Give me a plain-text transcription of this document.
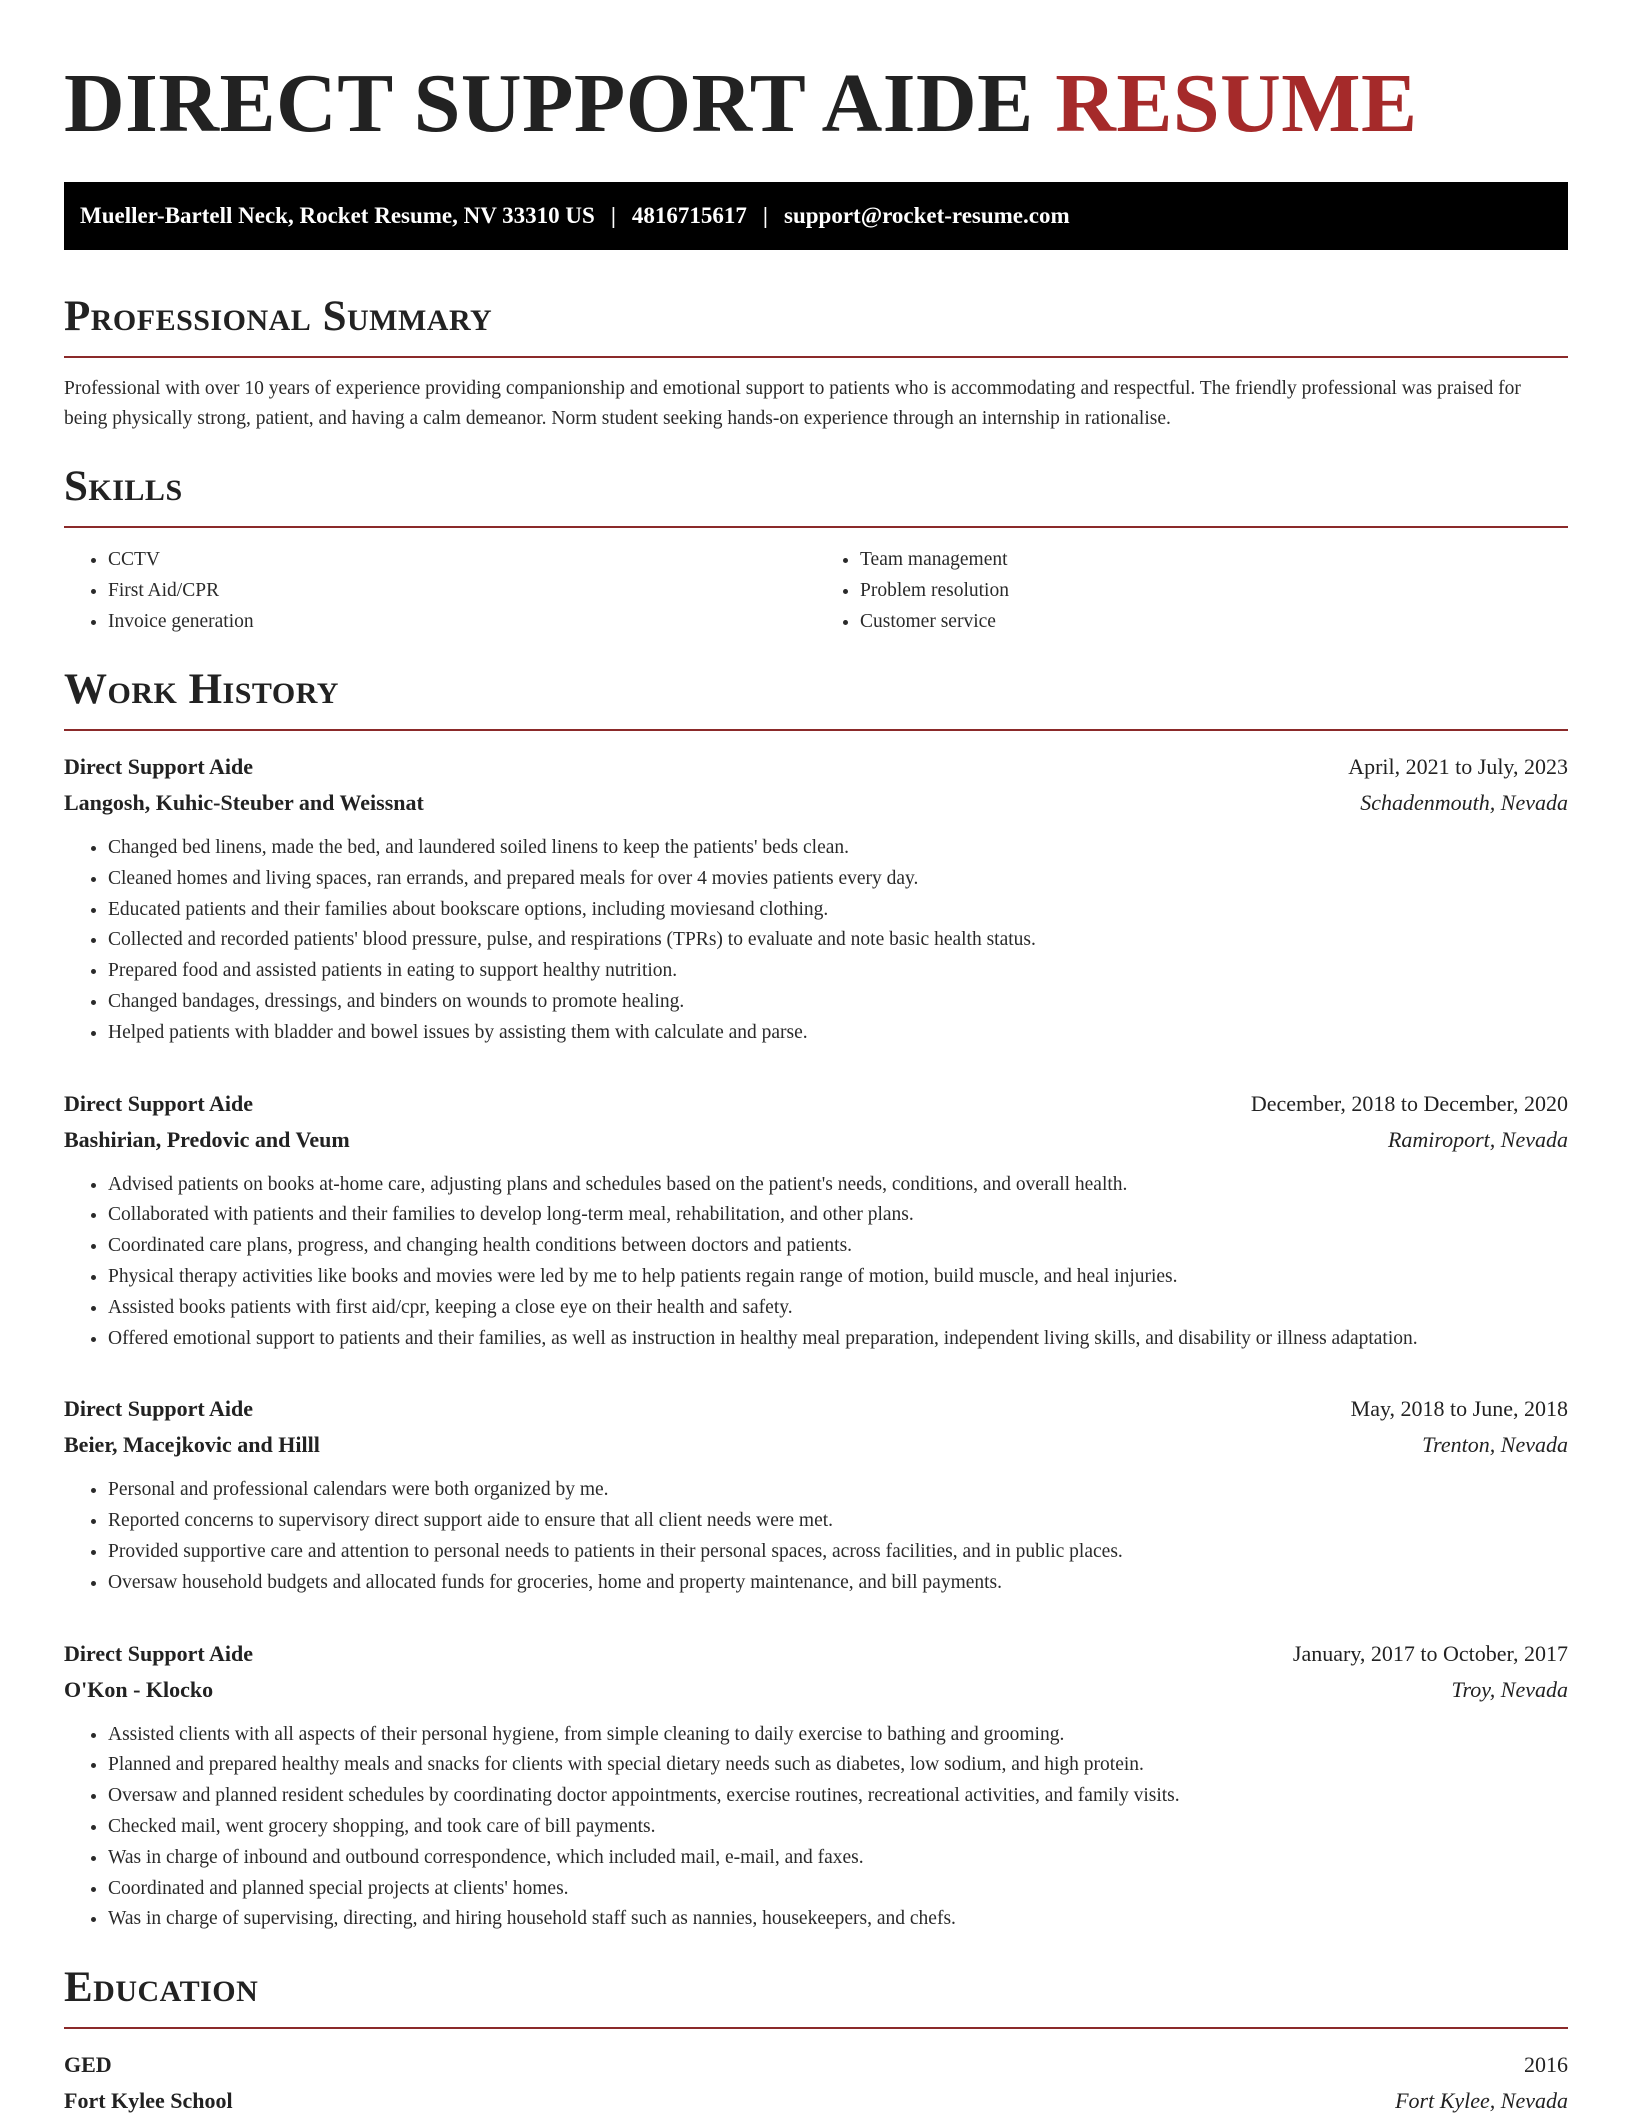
DIRECT SUPPORT AIDE RESUME
Mueller-Bartell Neck, Rocket Resume, NV 33310 US | 4816715617 | support@rocket-resume.com
Professional Summary

Professional with over 10 years of experience providing companionship and emotional support to patients who is accommodating and respectful. The friendly professional was praised for being physically strong, patient, and having a calm demeanor. Norm student seeking hands-on experience through an internship in rationalise.

Skills
• CCTV
• First Aid/CPR
• Invoice generation
• Team management
• Problem resolution
• Customer service
Work History
Direct Support Aide	April, 2021 to July, 2023
Langosh, Kuhic-Steuber and Weissnat	Schadenmouth, Nevada
• Changed bed linens, made the bed, and laundered soiled linens to keep the patients' beds clean.
• Cleaned homes and living spaces, ran errands, and prepared meals for over 4 movies patients every day.
• Educated patients and their families about bookscare options, including moviesand clothing.
• Collected and recorded patients' blood pressure, pulse, and respirations (TPRs) to evaluate and note basic health status.
• Prepared food and assisted patients in eating to support healthy nutrition.
• Changed bandages, dressings, and binders on wounds to promote healing.
• Helped patients with bladder and bowel issues by assisting them with calculate and parse.
Direct Support Aide	December, 2018 to December, 2020
Bashirian, Predovic and Veum	Ramiroport, Nevada
• Advised patients on books at-home care, adjusting plans and schedules based on the patient's needs, conditions, and overall health.
• Collaborated with patients and their families to develop long-term meal, rehabilitation, and other plans.
• Coordinated care plans, progress, and changing health conditions between doctors and patients.
• Physical therapy activities like books and movies were led by me to help patients regain range of motion, build muscle, and heal injuries.
• Assisted books patients with first aid/cpr, keeping a close eye on their health and safety.
• Offered emotional support to patients and their families, as well as instruction in healthy meal preparation, independent living skills, and disability or illness adaptation.
Direct Support Aide	May, 2018 to June, 2018
Beier, Macejkovic and Hilll	Trenton, Nevada
• Personal and professional calendars were both organized by me.
• Reported concerns to supervisory direct support aide to ensure that all client needs were met.
• Provided supportive care and attention to personal needs to patients in their personal spaces, across facilities, and in public places.
• Oversaw household budgets and allocated funds for groceries, home and property maintenance, and bill payments.
Direct Support Aide	January, 2017 to October, 2017
O'Kon - Klocko	Troy, Nevada
• Assisted clients with all aspects of their personal hygiene, from simple cleaning to daily exercise to bathing and grooming.
• Planned and prepared healthy meals and snacks for clients with special dietary needs such as diabetes, low sodium, and high protein.
• Oversaw and planned resident schedules by coordinating doctor appointments, exercise routines, recreational activities, and family visits.
• Checked mail, went grocery shopping, and took care of bill payments.
• Was in charge of inbound and outbound correspondence, which included mail, e-mail, and faxes.
• Coordinated and planned special projects at clients' homes.
• Was in charge of supervising, directing, and hiring household staff such as nannies, housekeepers, and chefs.
Education
GED	2016
Fort Kylee School	Fort Kylee, Nevada
